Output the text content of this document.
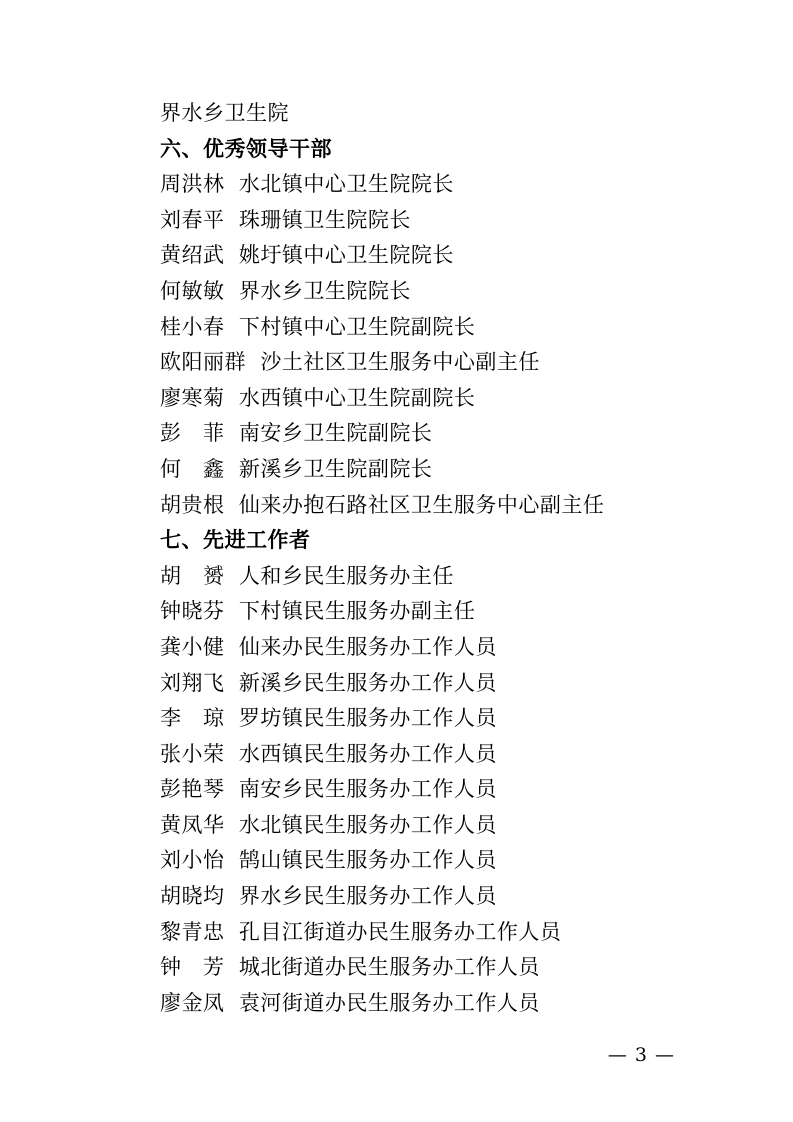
界水乡卫生院
六、优秀领导干部
周洪林  水北镇中心卫生院院长
刘春平  珠珊镇卫生院院长
黄绍武  姚圩镇中心卫生院院长
何敏敏  界水乡卫生院院长
桂小春  下村镇中心卫生院副院长
欧阳丽群  沙土社区卫生服务中心副主任
廖寒菊  水西镇中心卫生院副院长
彭　菲  南安乡卫生院副院长
何　鑫  新溪乡卫生院副院长
胡贵根  仙来办抱石路社区卫生服务中心副主任
七、先进工作者
胡　赟  人和乡民生服务办主任
钟晓芬  下村镇民生服务办副主任
龚小健  仙来办民生服务办工作人员
刘翔飞  新溪乡民生服务办工作人员
李　琼  罗坊镇民生服务办工作人员
张小荣  水西镇民生服务办工作人员
彭艳琴  南安乡民生服务办工作人员
黄凤华  水北镇民生服务办工作人员
刘小怡  鹄山镇民生服务办工作人员
胡晓均  界水乡民生服务办工作人员
黎青忠  孔目江街道办民生服务办工作人员
钟　芳  城北街道办民生服务办工作人员
廖金凤  袁河街道办民生服务办工作人员
— 3 —
